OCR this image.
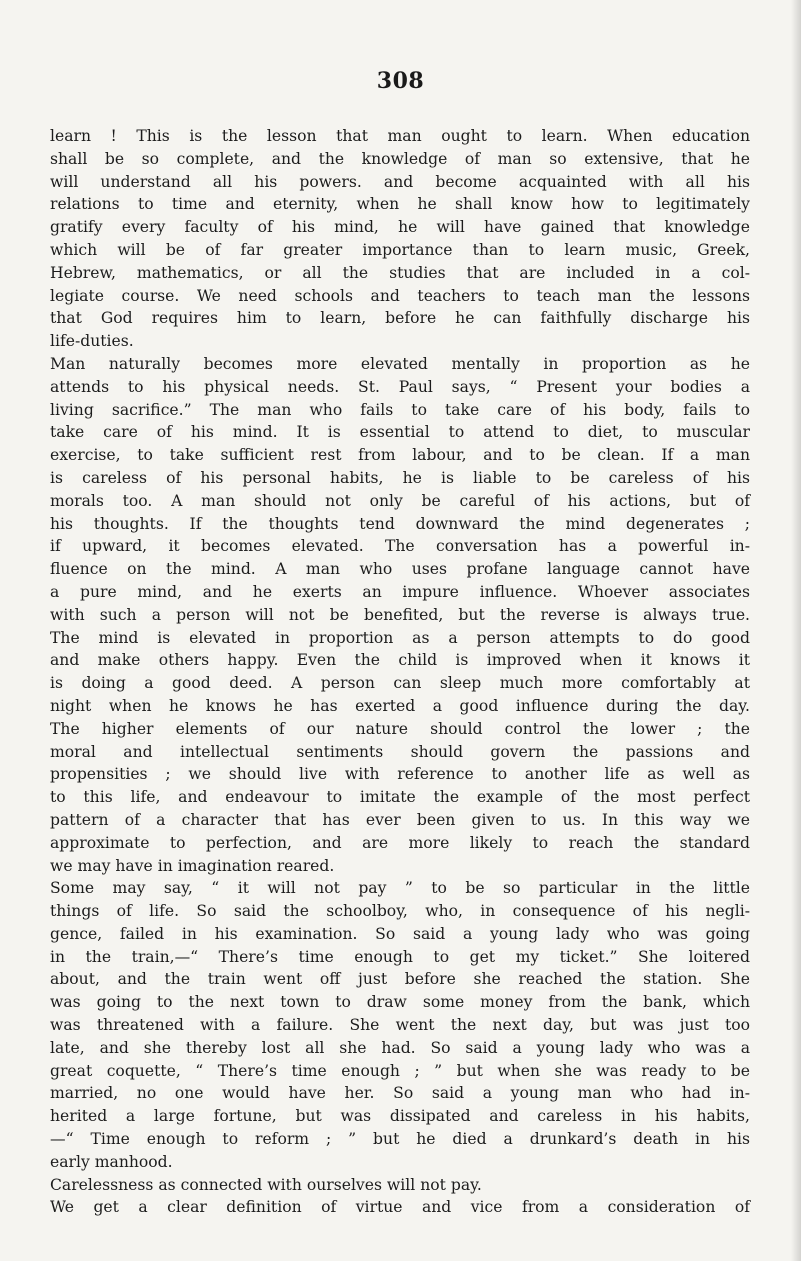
308
learn ! This is the lesson that man ought to learn. When education
shall be so complete, and the knowledge of man so extensive, that he
will understand all his powers. and become acquainted with all his
relations to time and eternity, when he shall know how to legitimately
gratify every faculty of his mind, he will have gained that knowledge
which will be of far greater importance than to learn music, Greek,
Hebrew, mathematics, or all the studies that are included in a col-
legiate course. We need schools and teachers to teach man the lessons
that God requires him to learn, before he can faithfully discharge his
life-duties.
Man naturally becomes more elevated mentally in proportion as he
attends to his physical needs. St. Paul says, “ Present your bodies a
living sacrifice.” The man who fails to take care of his body, fails to
take care of his mind. It is essential to attend to diet, to muscular
exercise, to take sufficient rest from labour, and to be clean. If a man
is careless of his personal habits, he is liable to be careless of his
morals too. A man should not only be careful of his actions, but of
his thoughts. If the thoughts tend downward the mind degenerates ;
if upward, it becomes elevated. The conversation has a powerful in-
fluence on the mind. A man who uses profane language cannot have
a pure mind, and he exerts an impure influence. Whoever associates
with such a person will not be benefited, but the reverse is always true.
The mind is elevated in proportion as a person attempts to do good
and make others happy. Even the child is improved when it knows it
is doing a good deed. A person can sleep much more comfortably at
night when he knows he has exerted a good influence during the day.
The higher elements of our nature should control the lower ; the
moral and intellectual sentiments should govern the passions and
propensities ; we should live with reference to another life as well as
to this life, and endeavour to imitate the example of the most perfect
pattern of a character that has ever been given to us. In this way we
approximate to perfection, and are more likely to reach the standard
we may have in imagination reared.
Some may say, “ it will not pay ” to be so particular in the little
things of life. So said the schoolboy, who, in consequence of his negli-
gence, failed in his examination. So said a young lady who was going
in the train,—“ There’s time enough to get my ticket.” She loitered
about, and the train went off just before she reached the station. She
was going to the next town to draw some money from the bank, which
was threatened with a failure. She went the next day, but was just too
late, and she thereby lost all she had. So said a young lady who was a
great coquette, “ There’s time enough ; ” but when she was ready to be
married, no one would have her. So said a young man who had in-
herited a large fortune, but was dissipated and careless in his habits,
—“ Time enough to reform ; ” but he died a drunkard’s death in his
early manhood.
Carelessness as connected with ourselves will not pay.
We get a clear definition of virtue and vice from a consideration of
